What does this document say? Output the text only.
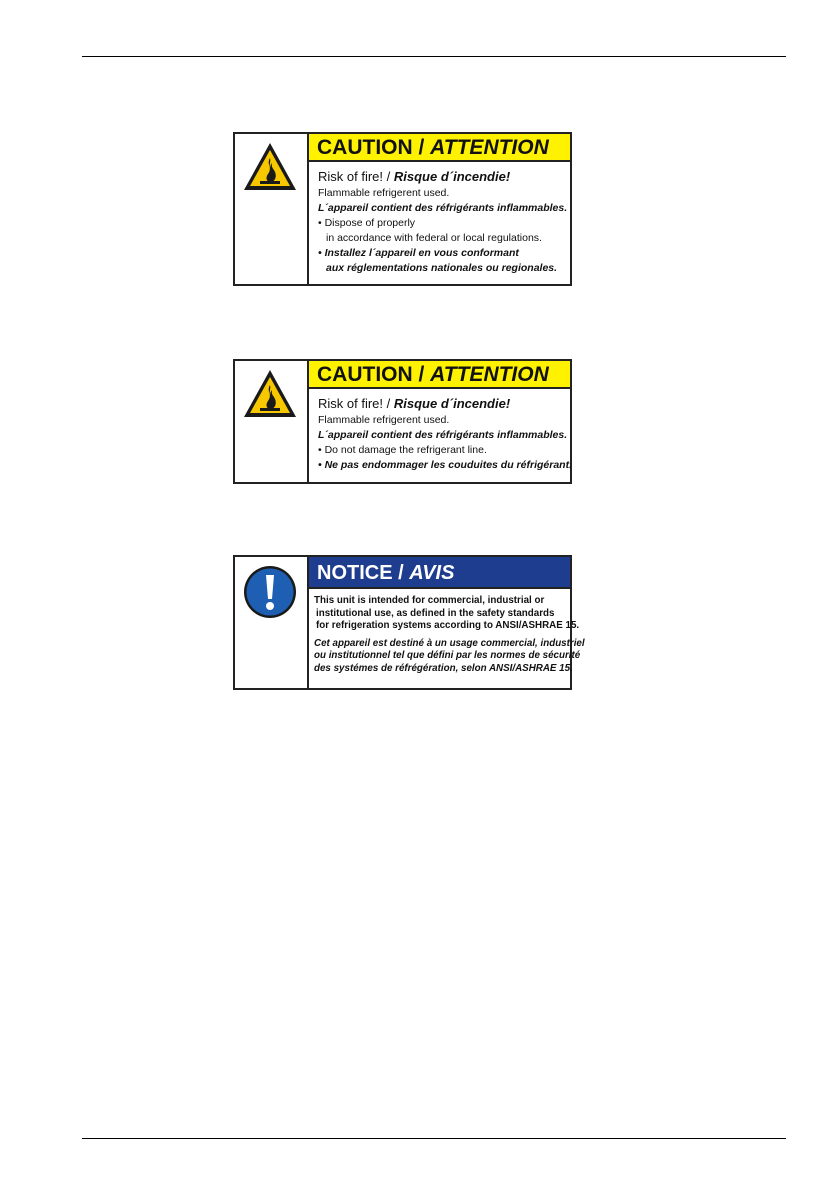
CAUTION / ATTENTION
Risk of fire! / Risque d´incendie!
Flammable refrigerent used.
L´appareil contient des réfrigérants inflammables.
• Dispose of properly
in accordance with federal or local regulations.
• Installez l´appareil en vous conformant
aux réglementations nationales ou regionales.
CAUTION / ATTENTION
Risk of fire! / Risque d´incendie!
Flammable refrigerent used.
L´appareil contient des réfrigérants inflammables.
• Do not damage the refrigerant line.
• Ne pas endommager les couduites du réfrigérant.
NOTICE / AVIS
This unit is intended for commercial, industrial or
institutional use, as defined in the safety standards
for refrigeration systems according to ANSI/ASHRAE 15.
Cet appareil est destiné à un usage commercial, industriel
ou institutionnel tel que défini par les normes de sécurité
des systémes de réfrégération, selon ANSI/ASHRAE 15.
